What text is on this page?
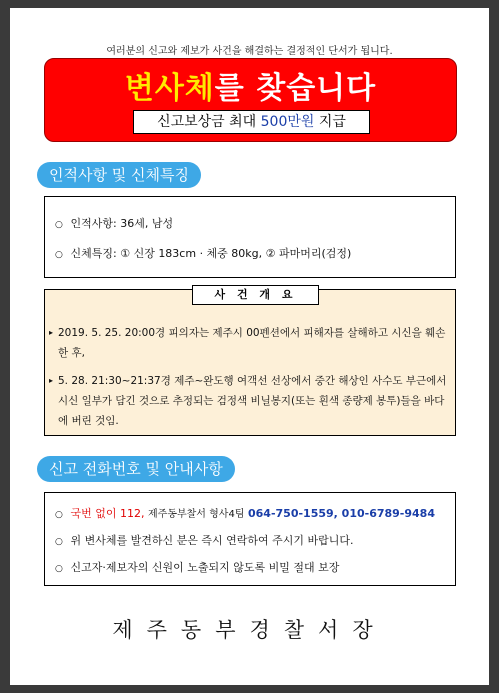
여러분의 신고와 제보가 사건을 해결하는 결정적인 단서가 됩니다.
변사체를 찾습니다
신고보상금 최대 500만원 지급
인적사항 및 신체특징
○ 인적사항: 36세, 남성
○ 신체특징: ① 신장 183cm · 체중 80kg, ② 파마머리(검정)
사 건 개 요
▸ 2019. 5. 25. 20:00경 피의자는 제주시 00펜션에서 피해자를 살해하고 시신을 훼손한 후,
▸ 5. 28. 21:30~21:37경 제주~완도행 여객선 선상에서 중간 해상인 사수도 부근에서 시신 일부가 담긴 것으로 추정되는 검정색 비닐봉지(또는 흰색 종량제 봉투)들을 바다에 버린 것임.
신고 전화번호 및 안내사항
○ 국번 없이 112, 제주동부찰서 형사4팀 064-750-1559, 010-6789-9484
○ 위 변사체를 발견하신 분은 즉시 연락하여 주시기 바랍니다.
○ 신고자·제보자의 신원이 노출되지 않도록 비밀 절대 보장
제주동부경찰서장
